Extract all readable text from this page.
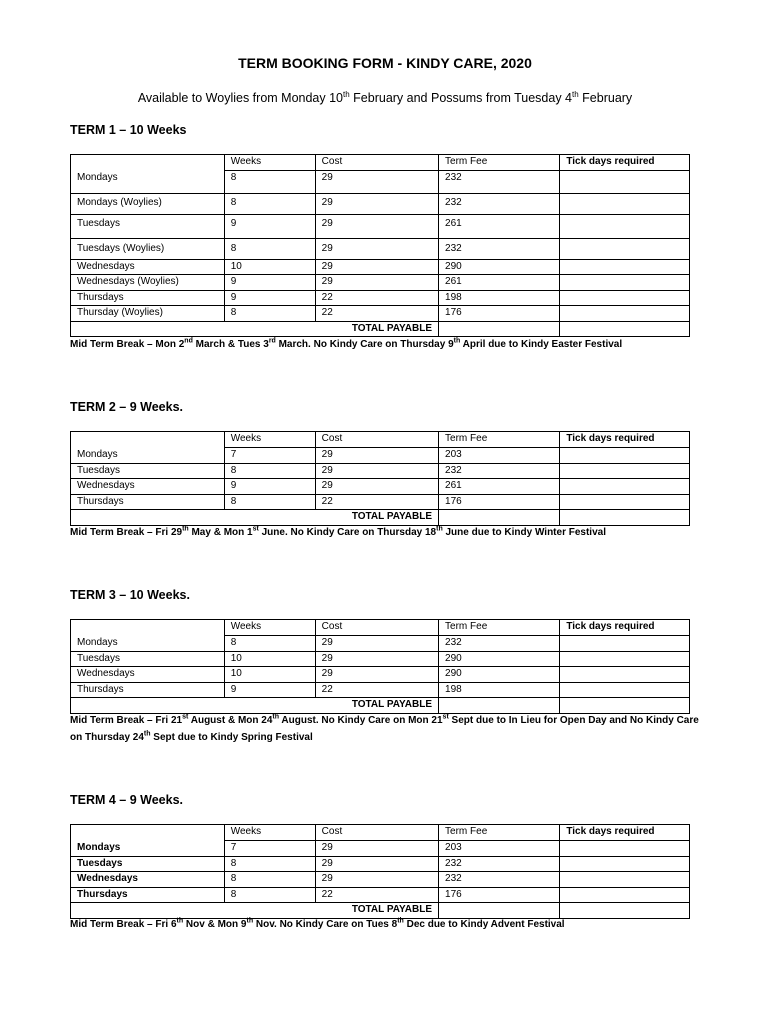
TERM BOOKING FORM - KINDY CARE, 2020

Available to Woylies from Monday 10th February and Possums from Tuesday 4th February

TERM 1 – 10 Weeks
	Weeks	Cost	Term Fee	Tick days required
Mondays	8	29	232	
Mondays (Woylies)	8	29	232	
Tuesdays	9	29	261	
Tuesdays (Woylies)	8	29	232	
Wednesdays	10	29	290	
Wednesdays (Woylies)	9	29	261	
Thursdays	9	22	198	
Thursday (Woylies)	8	22	176	
TOTAL PAYABLE				

Mid Term Break – Mon 2nd March & Tues 3rd March. No Kindy Care on Thursday 9th April due to Kindy Easter Festival

TERM 2 – 9 Weeks.
	Weeks	Cost	Term Fee	Tick days required
Mondays	7	29	203	
Tuesdays	8	29	232	
Wednesdays	9	29	261	
Thursdays	8	22	176	
TOTAL PAYABLE				

Mid Term Break – Fri 29th May & Mon 1st June. No Kindy Care on Thursday 18th June due to Kindy Winter Festival

TERM 3 – 10 Weeks.
	Weeks	Cost	Term Fee	Tick days required
Mondays	8	29	232	
Tuesdays	10	29	290	
Wednesdays	10	29	290	
Thursdays	9	22	198	
TOTAL PAYABLE				

Mid Term Break – Fri 21st August & Mon 24th August. No Kindy Care on Mon 21st Sept due to In Lieu for Open Day and No Kindy Care on Thursday 24th Sept due to Kindy Spring Festival

TERM 4 – 9 Weeks.
	Weeks	Cost	Term Fee	Tick days required
Mondays	7	29	203	
Tuesdays	8	29	232	
Wednesdays	8	29	232	
Thursdays	8	22	176	
TOTAL PAYABLE				

Mid Term Break – Fri 6th Nov & Mon 9th Nov. No Kindy Care on Tues 8th Dec due to Kindy Advent Festival
